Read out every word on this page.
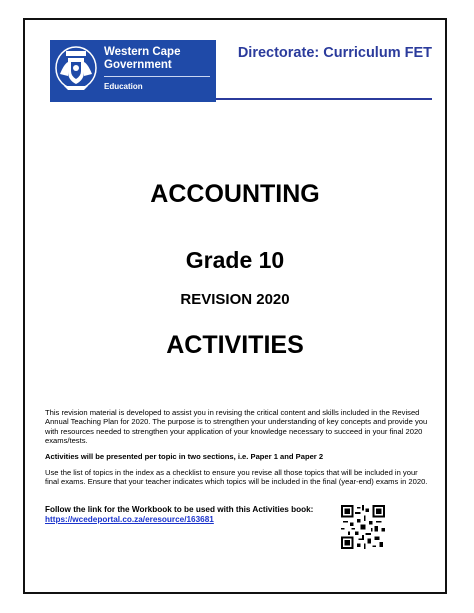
Western Cape
Government
Education
Directorate: Curriculum FET
ACCOUNTING
Grade 10
REVISION 2020
ACTIVITIES
This revision material is developed to assist you in revising the critical content and skills included in the Revised Annual Teaching Plan for 2020. The purpose is to strengthen your understanding of key concepts and provide you with resources needed to strengthen your application of your knowledge necessary to succeed in your final 2020 exams/tests.
Activities will be presented per topic in two sections, i.e. Paper 1 and Paper 2
Use the list of topics in the index as a checklist to ensure you revise all those topics that will be included in your final exams. Ensure that your teacher indicates which topics will be included in the final (year-end) exams in 2020.
Follow the link for the Workbook to be used with this Activities book:
https://wcedeportal.co.za/eresource/163681
